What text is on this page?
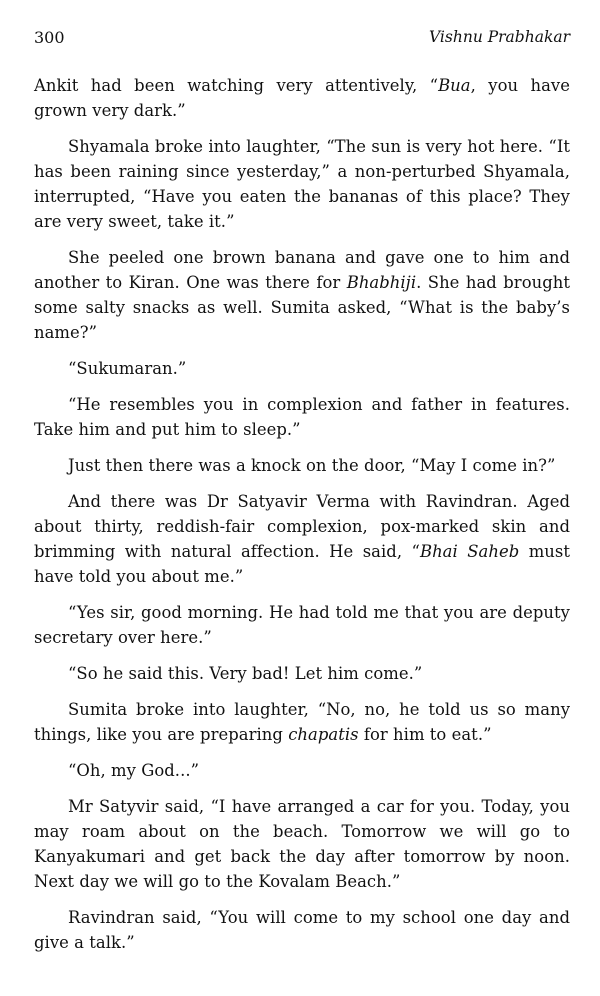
300	Vishnu Prabhakar

Ankit had been watching very attentively, “Bua, you have grown very dark.”

Shyamala broke into laughter, “The sun is very hot here. “It has been raining since yesterday,” a non-perturbed Shyamala, interrupted, “Have you eaten the bananas of this place? They are very sweet, take it.”

She peeled one brown banana and gave one to him and another to Kiran. One was there for Bhabhiji. She had brought some salty snacks as well. Sumita asked, “What is the baby’s name?”

“Sukumaran.”

“He resembles you in complexion and father in features. Take him and put him to sleep.”

Just then there was a knock on the door, “May I come in?”

And there was Dr Satyavir Verma with Ravindran. Aged about thirty, reddish-fair complexion, pox-marked skin and brimming with natural affection. He said, “Bhai Saheb must have told you about me.”

“Yes sir, good morning. He had told me that you are deputy secretary over here.”

“So he said this. Very bad! Let him come.”

Sumita broke into laughter, “No, no, he told us so many things, like you are preparing chapatis for him to eat.”

“Oh, my God...”

Mr Satyvir said, “I have arranged a car for you. Today, you may roam about on the beach. Tomorrow we will go to Kanyakumari and get back the day after tomorrow by noon. Next day we will go to the Kovalam Beach.”

Ravindran said, “You will come to my school one day and give a talk.”
